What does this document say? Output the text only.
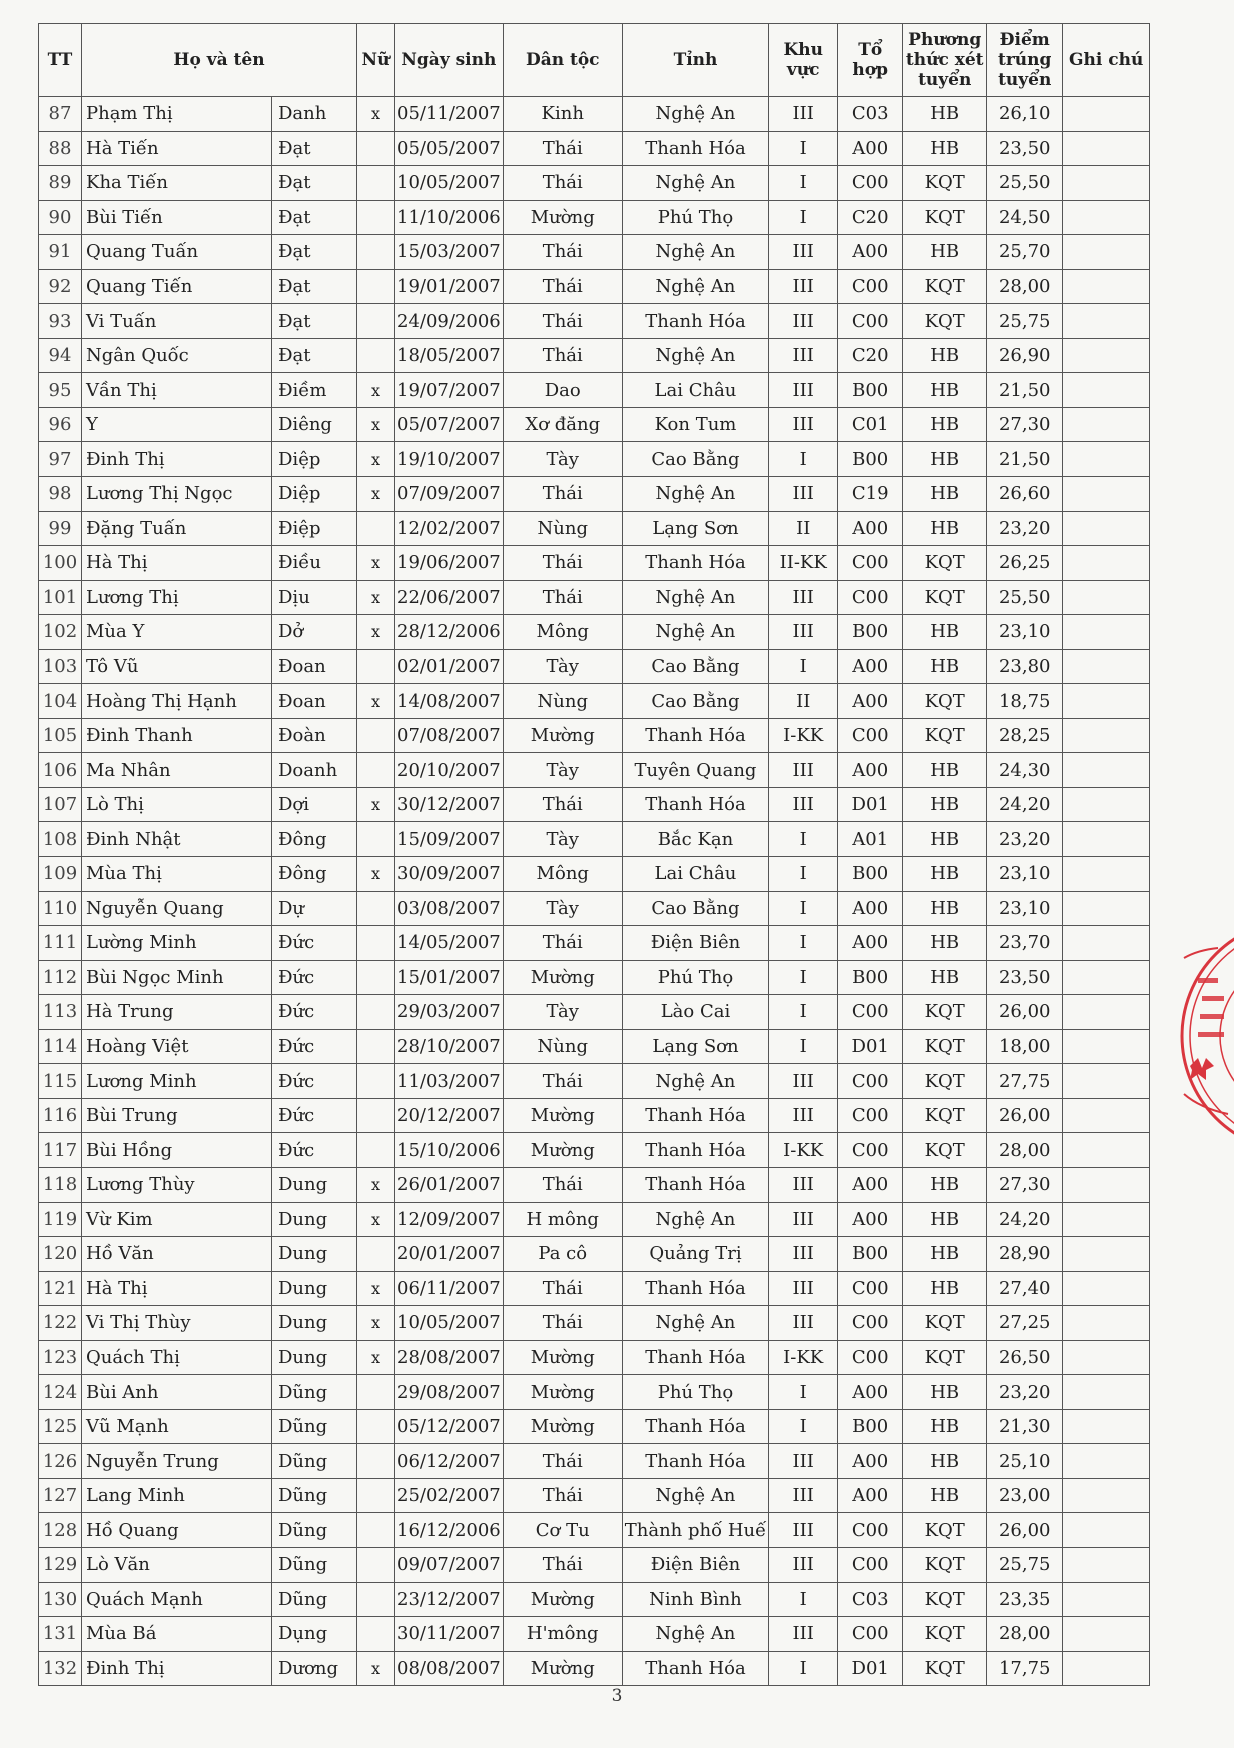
TT	Họ và tên		Nữ	Ngày sinh	Dân tộc	Tỉnh	Khu vực	Tổ hợp	Phương thức xét tuyển	Điểm trúng tuyển	Ghi chú
87	Phạm Thị	Danh	x	05/11/2007	Kinh	Nghệ An	III	C03	HB	26,10	
88	Hà Tiến	Đạt		05/05/2007	Thái	Thanh Hóa	I	A00	HB	23,50	
89	Kha Tiến	Đạt		10/05/2007	Thái	Nghệ An	I	C00	KQT	25,50	
90	Bùi Tiến	Đạt		11/10/2006	Mường	Phú Thọ	I	C20	KQT	24,50	
91	Quang Tuấn	Đạt		15/03/2007	Thái	Nghệ An	III	A00	HB	25,70	
92	Quang Tiến	Đạt		19/01/2007	Thái	Nghệ An	III	C00	KQT	28,00	
93	Vi Tuấn	Đạt		24/09/2006	Thái	Thanh Hóa	III	C00	KQT	25,75	
94	Ngân Quốc	Đạt		18/05/2007	Thái	Nghệ An	III	C20	HB	26,90	
95	Vần Thị	Điềm	x	19/07/2007	Dao	Lai Châu	III	B00	HB	21,50	
96	Y	Diêng	x	05/07/2007	Xơ đăng	Kon Tum	III	C01	HB	27,30	
97	Đinh Thị	Diệp	x	19/10/2007	Tày	Cao Bằng	I	B00	HB	21,50	
98	Lương Thị Ngọc	Diệp	x	07/09/2007	Thái	Nghệ An	III	C19	HB	26,60	
99	Đặng Tuấn	Điệp		12/02/2007	Nùng	Lạng Sơn	II	A00	HB	23,20	
100	Hà Thị	Điều	x	19/06/2007	Thái	Thanh Hóa	II-KK	C00	KQT	26,25	
101	Lương Thị	Dịu	x	22/06/2007	Thái	Nghệ An	III	C00	KQT	25,50	
102	Mùa Y	Dở	x	28/12/2006	Mông	Nghệ An	III	B00	HB	23,10	
103	Tô Vũ	Đoan		02/01/2007	Tày	Cao Bằng	I	A00	HB	23,80	
104	Hoàng Thị Hạnh	Đoan	x	14/08/2007	Nùng	Cao Bằng	II	A00	KQT	18,75	
105	Đinh Thanh	Đoàn		07/08/2007	Mường	Thanh Hóa	I-KK	C00	KQT	28,25	
106	Ma Nhân	Doanh		20/10/2007	Tày	Tuyên Quang	III	A00	HB	24,30	
107	Lò Thị	Dợi	x	30/12/2007	Thái	Thanh Hóa	III	D01	HB	24,20	
108	Đinh Nhật	Đông		15/09/2007	Tày	Bắc Kạn	I	A01	HB	23,20	
109	Mùa Thị	Đông	x	30/09/2007	Mông	Lai Châu	I	B00	HB	23,10	
110	Nguyễn Quang	Dự		03/08/2007	Tày	Cao Bằng	I	A00	HB	23,10	
111	Lường Minh	Đức		14/05/2007	Thái	Điện Biên	I	A00	HB	23,70	
112	Bùi Ngọc Minh	Đức		15/01/2007	Mường	Phú Thọ	I	B00	HB	23,50	
113	Hà Trung	Đức		29/03/2007	Tày	Lào Cai	I	C00	KQT	26,00	
114	Hoàng Việt	Đức		28/10/2007	Nùng	Lạng Sơn	I	D01	KQT	18,00	
115	Lương Minh	Đức		11/03/2007	Thái	Nghệ An	III	C00	KQT	27,75	
116	Bùi Trung	Đức		20/12/2007	Mường	Thanh Hóa	III	C00	KQT	26,00	
117	Bùi Hồng	Đức		15/10/2006	Mường	Thanh Hóa	I-KK	C00	KQT	28,00	
118	Lương Thùy	Dung	x	26/01/2007	Thái	Thanh Hóa	III	A00	HB	27,30	
119	Vừ Kim	Dung	x	12/09/2007	H mông	Nghệ An	III	A00	HB	24,20	
120	Hồ Văn	Dung		20/01/2007	Pa cô	Quảng Trị	III	B00	HB	28,90	
121	Hà Thị	Dung	x	06/11/2007	Thái	Thanh Hóa	III	C00	HB	27,40	
122	Vi Thị Thùy	Dung	x	10/05/2007	Thái	Nghệ An	III	C00	KQT	27,25	
123	Quách Thị	Dung	x	28/08/2007	Mường	Thanh Hóa	I-KK	C00	KQT	26,50	
124	Bùi Anh	Dũng		29/08/2007	Mường	Phú Thọ	I	A00	HB	23,20	
125	Vũ Mạnh	Dũng		05/12/2007	Mường	Thanh Hóa	I	B00	HB	21,30	
126	Nguyễn Trung	Dũng		06/12/2007	Thái	Thanh Hóa	III	A00	HB	25,10	
127	Lang Minh	Dũng		25/02/2007	Thái	Nghệ An	III	A00	HB	23,00	
128	Hồ Quang	Dũng		16/12/2006	Cơ Tu	Thành phố Huế	III	C00	KQT	26,00	
129	Lò Văn	Dũng		09/07/2007	Thái	Điện Biên	III	C00	KQT	25,75	
130	Quách Mạnh	Dũng		23/12/2007	Mường	Ninh Bình	I	C03	KQT	23,35	
131	Mùa Bá	Dụng		30/11/2007	H'mông	Nghệ An	III	C00	KQT	28,00	
132	Đinh Thị	Dương	x	08/08/2007	Mường	Thanh Hóa	I	D01	KQT	17,75	
3
